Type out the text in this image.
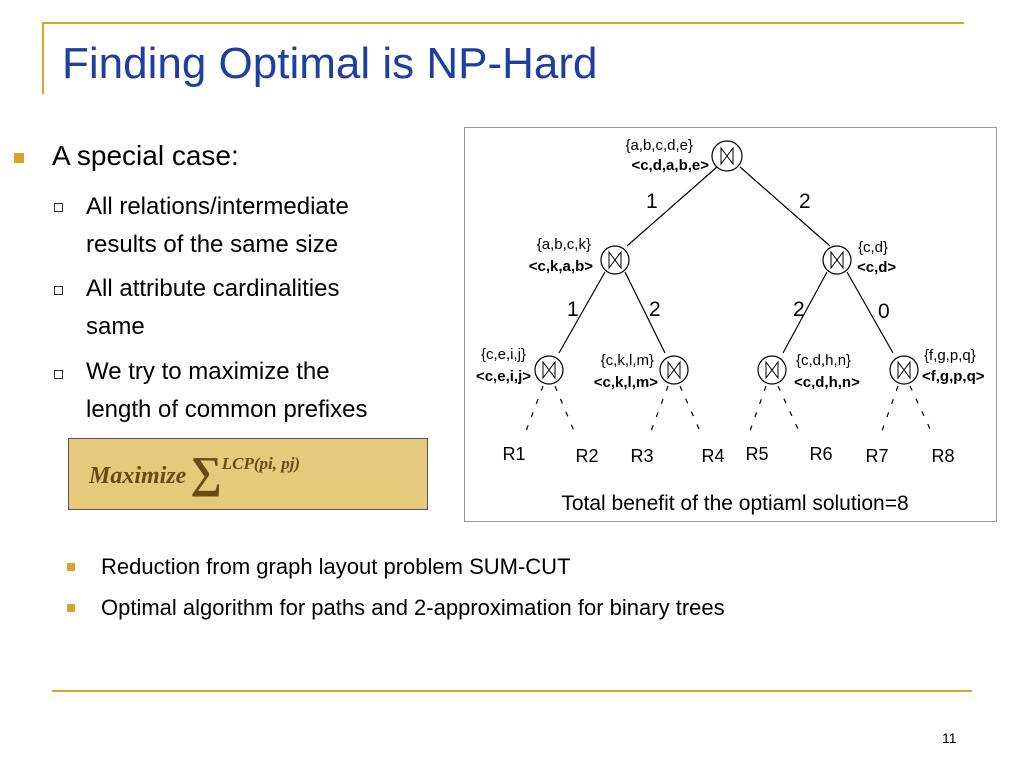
Finding Optimal is NP-Hard
A special case:
All relations/intermediate
results of the same size
All attribute cardinalities
same
We try to maximize the
length of common prefixes
Maximize ∑LCP(pi, pj)
{a,b,c,d,e}
<c,d,a,b,e>
{a,b,c,k}
<c,k,a,b>
{c,d}
<c,d>
{c,e,i,j}
<c,e,i,j>
{c,k,l,m}
<c,k,l,m>
{c,d,h,n}
<c,d,h,n>
{f,g,p,q}
<f,g,p,q>
1	2
1	2	2	0
R1	R2 R3	R4 R5 R6 R7 R8
Total benefit of the optiaml solution=8
Reduction from graph layout problem SUM-CUT
Optimal algorithm for paths and 2-approximation for binary trees
11
